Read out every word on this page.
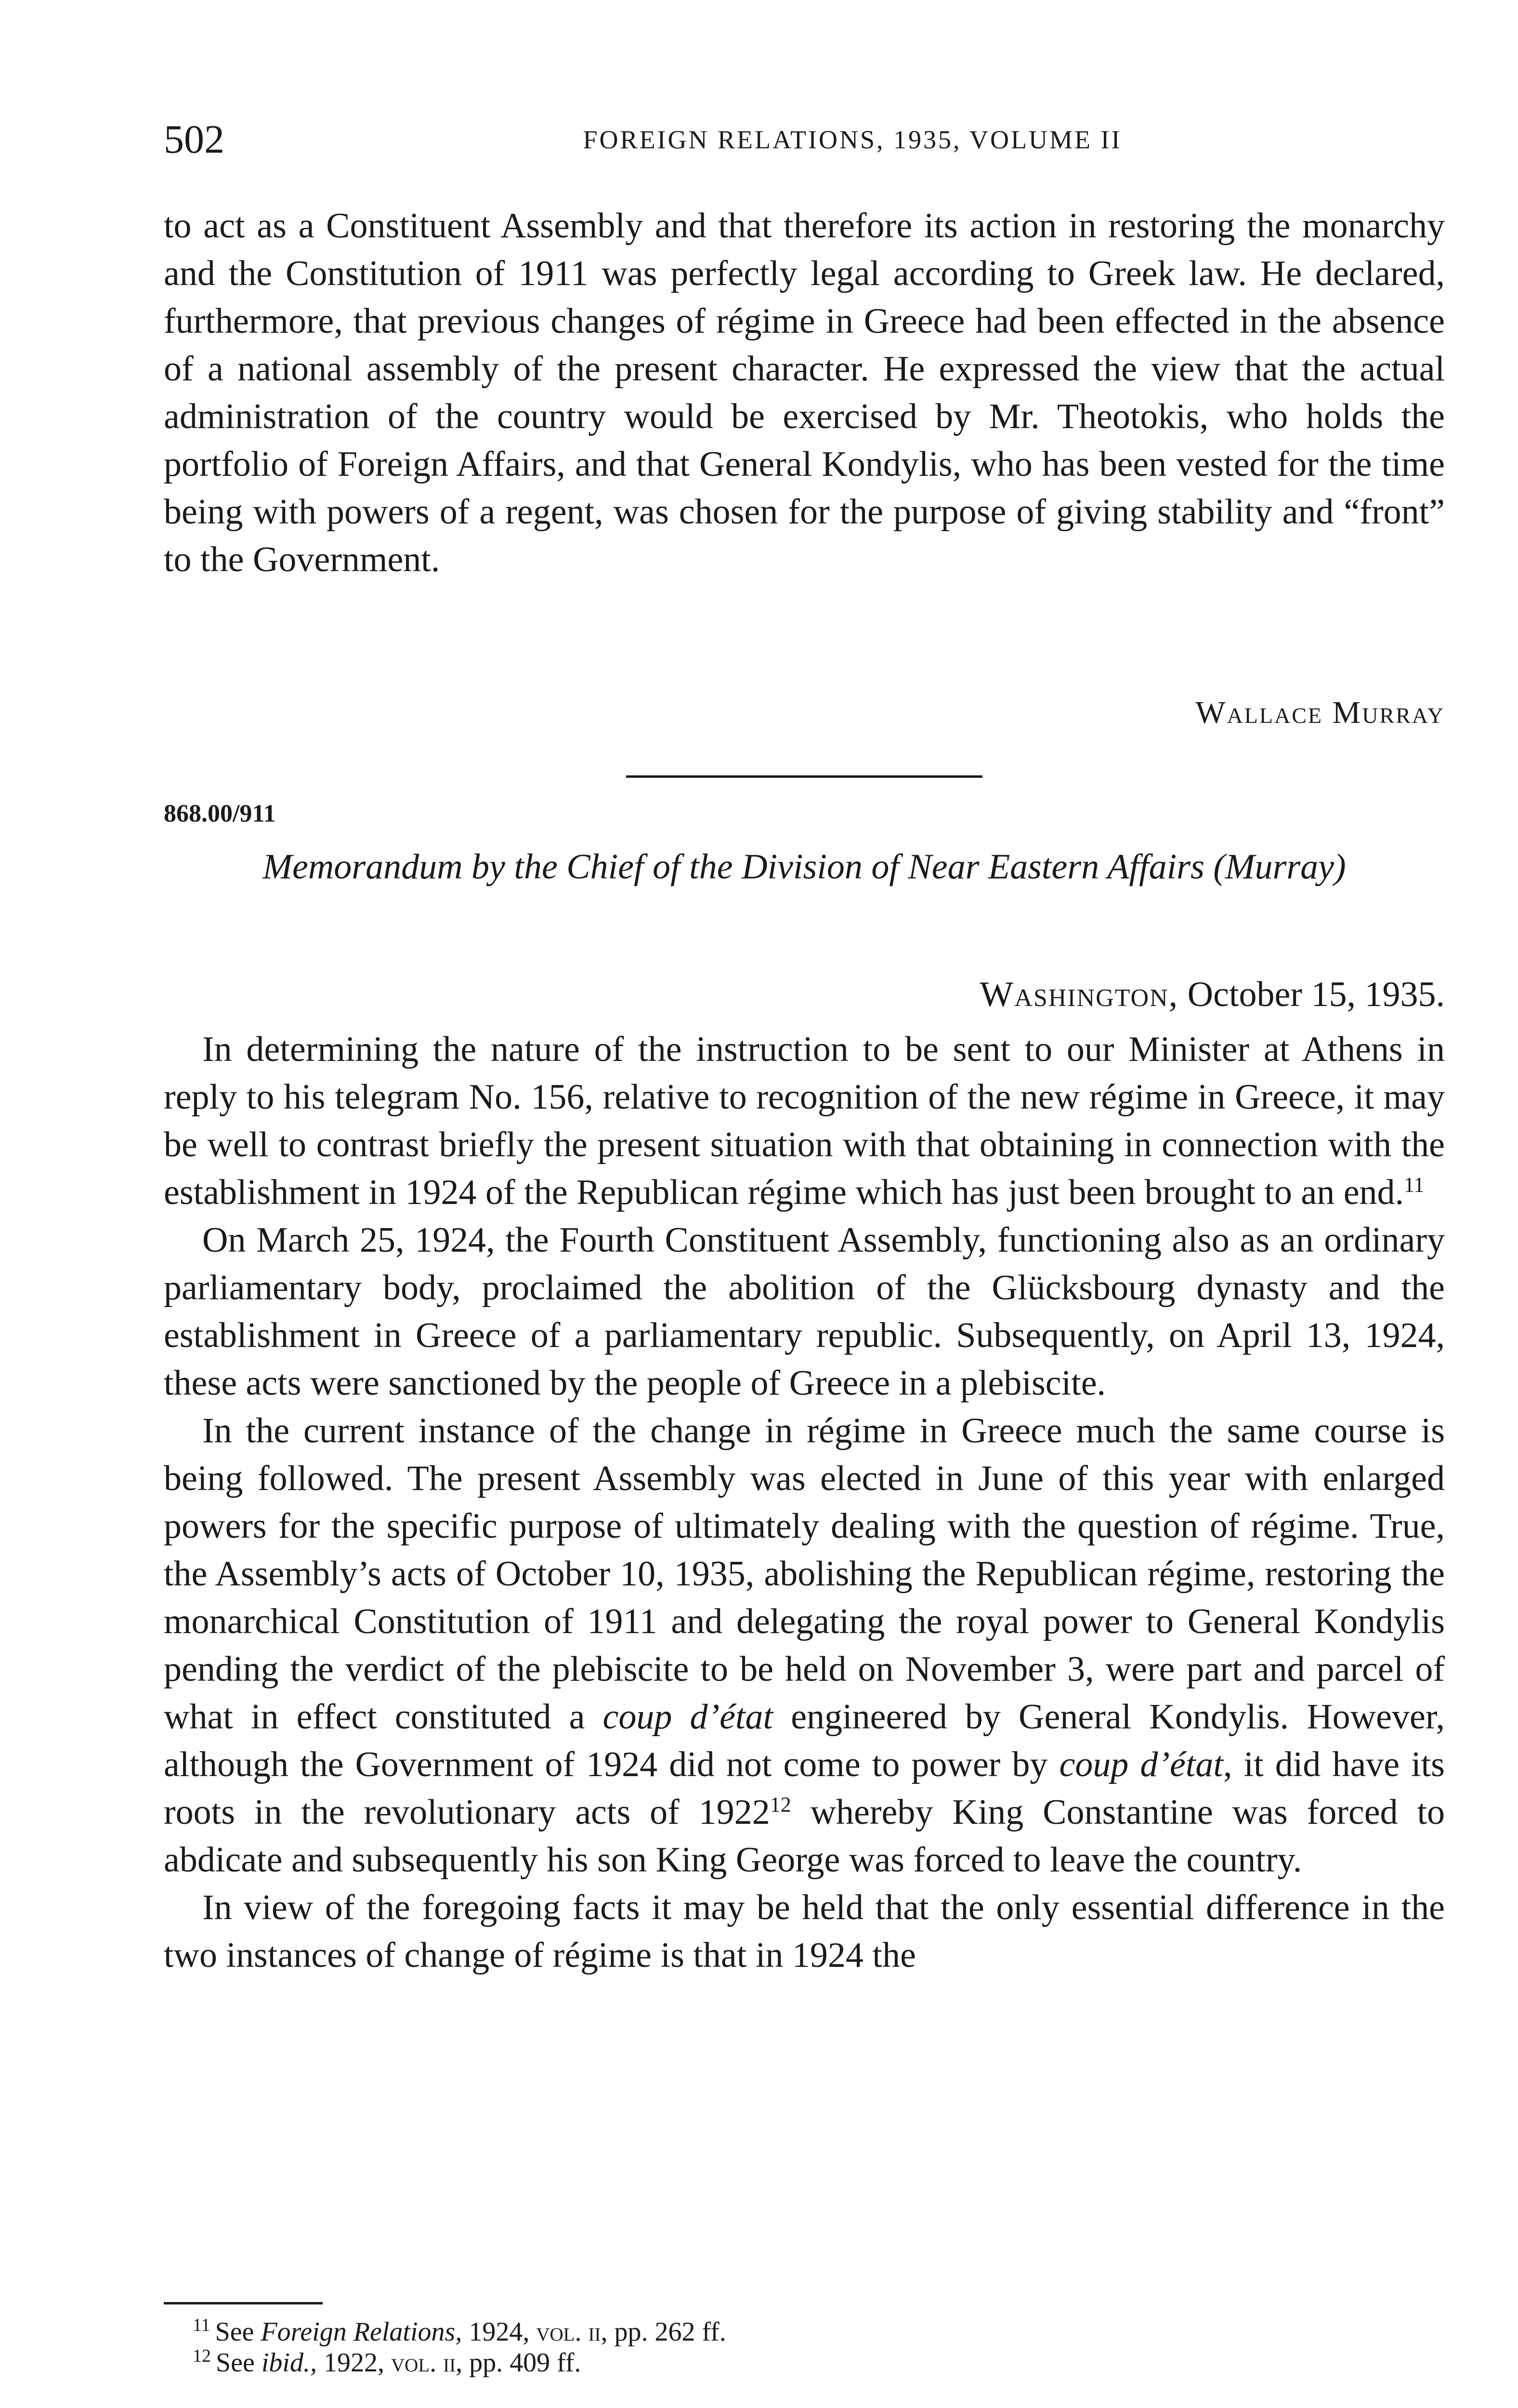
502	FOREIGN RELATIONS, 1935, VOLUME II

to act as a Constituent Assembly and that therefore its action in restoring the monarchy and the Constitution of 1911 was perfectly legal according to Greek law. He declared, furthermore, that previous changes of régime in Greece had been effected in the absence of a national assembly of the present character. He expressed the view that the actual administration of the country would be exercised by Mr. Theotokis, who holds the portfolio of Foreign Affairs, and that General Kondylis, who has been vested for the time being with powers of a regent, was chosen for the purpose of giving stability and “front” to the Government.

Wallace Murray
868.00/911
Memorandum by the Chief of the Division of Near Eastern Affairs (Murray)
Washington, October 15, 1935.

In determining the nature of the instruction to be sent to our Minister at Athens in reply to his telegram No. 156, relative to recognition of the new régime in Greece, it may be well to contrast briefly the present situation with that obtaining in connection with the establishment in 1924 of the Republican régime which has just been brought to an end.$^{11}$

On March 25, 1924, the Fourth Constituent Assembly, functioning also as an ordinary parliamentary body, proclaimed the abolition of the Glücksbourg dynasty and the establishment in Greece of a parliamentary republic. Subsequently, on April 13, 1924, these acts were sanctioned by the people of Greece in a plebiscite.

In the current instance of the change in régime in Greece much the same course is being followed. The present Assembly was elected in June of this year with enlarged powers for the specific purpose of ultimately dealing with the question of régime. True, the Assembly’s acts of October 10, 1935, abolishing the Republican régime, restoring the monarchical Constitution of 1911 and delegating the royal power to General Kondylis pending the verdict of the plebiscite to be held on November 3, were part and parcel of what in effect constituted a coup d’état engineered by General Kondylis. However, although the Government of 1924 did not come to power by coup d’état, it did have its roots in the revolutionary acts of 1922$^{12}$ whereby King Constantine was forced to abdicate and subsequently his son King George was forced to leave the country.

In view of the foregoing facts it may be held that the only essential difference in the two instances of change of régime is that in 1924 the

$^{11}$ See Foreign Relations, 1924, vol. ii, pp. 262 ff.

$^{12}$ See ibid., 1922, vol. ii, pp. 409 ff.
